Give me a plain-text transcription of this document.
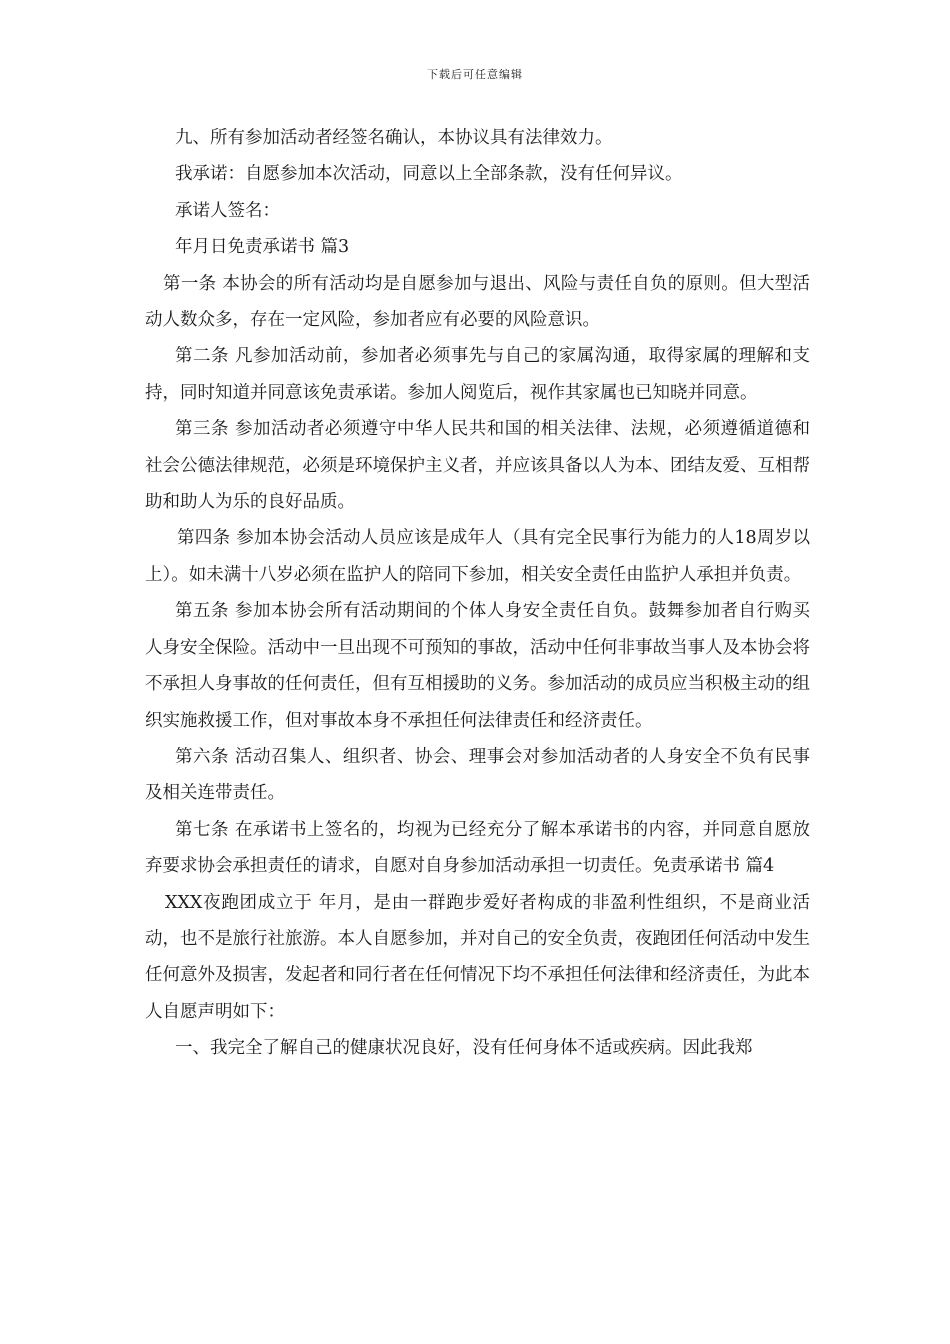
下载后可任意编辑

九、所有参加活动者经签名确认，本协议具有法律效力。

我承诺：自愿参加本次活动，同意以上全部条款，没有任何异议。

承诺人签名：

年月日免责承诺书 篇3

第一条 本协会的所有活动均是自愿参加与退出、风险与责任自负的原则。但大型活动人数众多，存在一定风险，参加者应有必要的风险意识。

第二条 凡参加活动前，参加者必须事先与自己的家属沟通，取得家属的理解和支持，同时知道并同意该免责承诺。参加人阅览后，视作其家属也已知晓并同意。

第三条 参加活动者必须遵守中华人民共和国的相关法律、法规，必须遵循道德和社会公德法律规范，必须是环境保护主义者，并应该具备以人为本、团结友爱、互相帮助和助人为乐的良好品质。

第四条 参加本协会活动人员应该是成年人（具有完全民事行为能力的人18周岁以上）。如未满十八岁必须在监护人的陪同下参加，相关安全责任由监护人承担并负责。

第五条 参加本协会所有活动期间的个体人身安全责任自负。鼓舞参加者自行购买人身安全保险。活动中一旦出现不可预知的事故，活动中任何非事故当事人及本协会将不承担人身事故的任何责任，但有互相援助的义务。参加活动的成员应当积极主动的组织实施救援工作，但对事故本身不承担任何法律责任和经济责任。

第六条 活动召集人、组织者、协会、理事会对参加活动者的人身安全不负有民事及相关连带责任。

第七条 在承诺书上签名的，均视为已经充分了解本承诺书的内容，并同意自愿放弃要求协会承担责任的请求，自愿对自身参加活动承担一切责任。免责承诺书 篇4

XXX夜跑团成立于 年月，是由一群跑步爱好者构成的非盈利性组织，不是商业活动，也不是旅行社旅游。本人自愿参加，并对自己的安全负责，夜跑团任何活动中发生任何意外及损害，发起者和同行者在任何情况下均不承担任何法律和经济责任，为此本人自愿声明如下：

一、我完全了解自己的健康状况良好，没有任何身体不适或疾病。因此我郑
